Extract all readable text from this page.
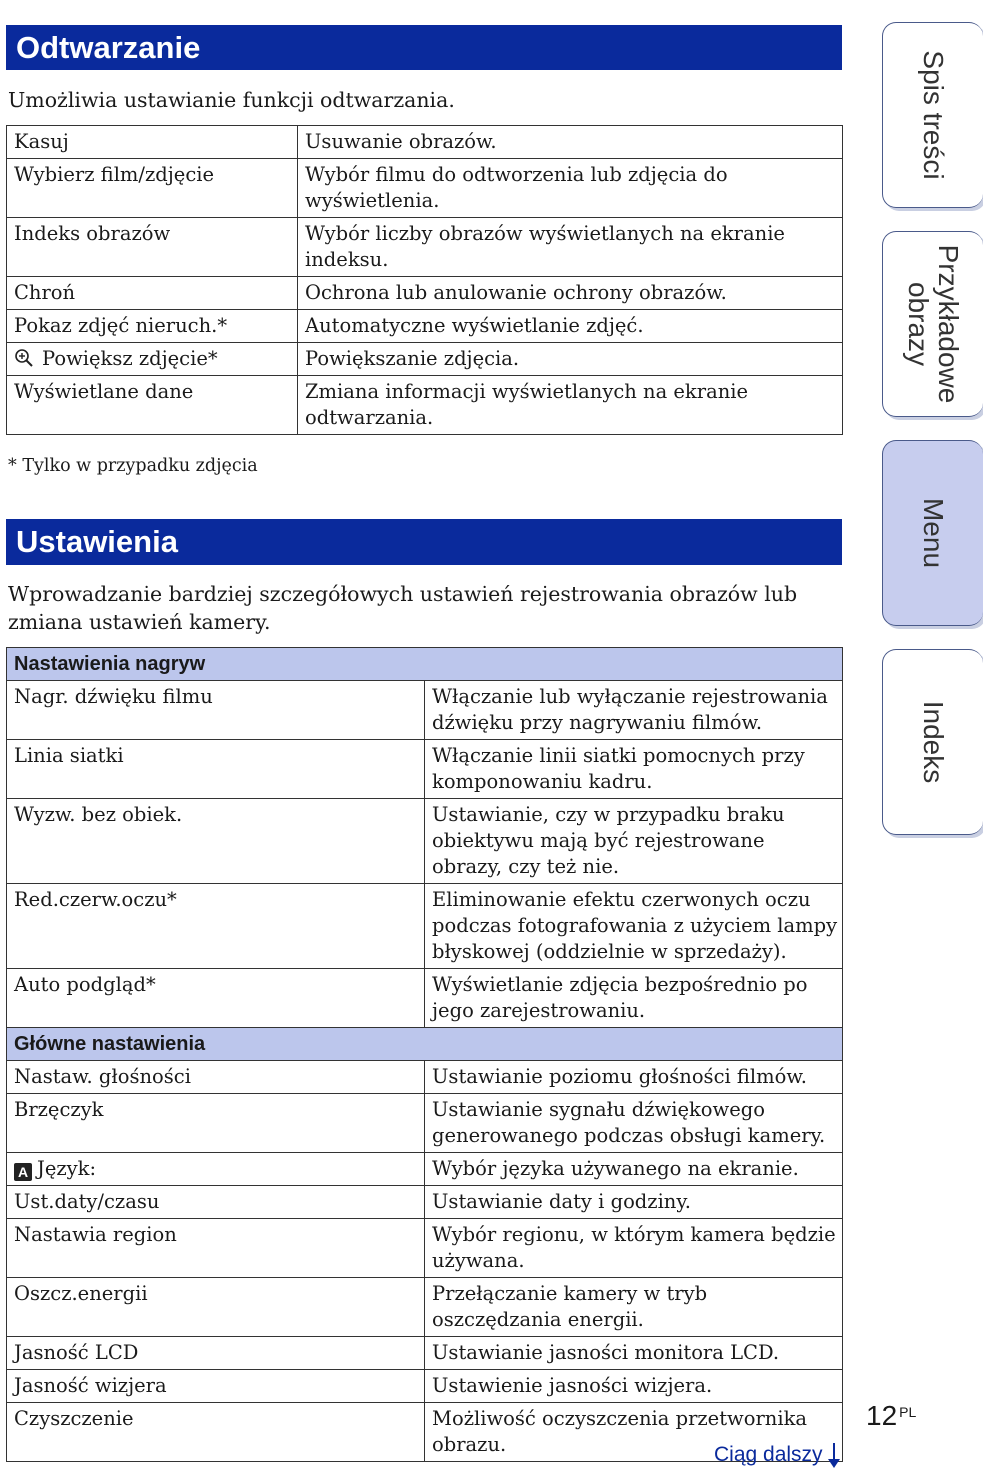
Odtwarzanie

Umożliwia ustawianie funkcji odtwarzania.

Kasuj	Usuwanie obrazów.
Wybierz film/zdjęcie	Wybór filmu do odtworzenia lub zdjęcia do wyświetlenia.
Indeks obrazów	Wybór liczby obrazów wyświetlanych na ekranie indeksu.
Chroń	Ochrona lub anulowanie ochrony obrazów.
Pokaz zdjęć nieruch.*	Automatyczne wyświetlanie zdjęć.
Powiększ zdjęcie*	Powiększanie zdjęcia.
Wyświetlane dane	Zmiana informacji wyświetlanych na ekranie odtwarzania.
* Tylko w przypadku zdjęcia
Ustawienia

Wprowadzanie bardziej szczegółowych ustawień rejestrowania obrazów lub zmiana ustawień kamery.

Nastawienia nagryw	
Nagr. dźwięku filmu	Włączanie lub wyłączanie rejestrowania dźwięku przy nagrywaniu filmów.
Linia siatki	Włączanie linii siatki pomocnych przy komponowaniu kadru.
Wyzw. bez obiek.	Ustawianie, czy w przypadku braku obiektywu mają być rejestrowane obrazy, czy też nie.
Red.czerw.oczu*	Eliminowanie efektu czerwonych oczu podczas fotografowania z użyciem lampy błyskowej (oddzielnie w sprzedaży).
Auto podgląd*	Wyświetlanie zdjęcia bezpośrednio po jego zarejestrowaniu.
Główne nastawienia	
Nastaw. głośności	Ustawianie poziomu głośności filmów.
Brzęczyk	Ustawianie sygnału dźwiękowego generowanego podczas obsługi kamery.
A Język:	Wybór języka używanego na ekranie.
Ust.daty/czasu	Ustawianie daty i godziny.
Nastawia region	Wybór regionu, w którym kamera będzie używana.
Oszcz.energii	Przełączanie kamery w tryb oszczędzania energii.
Jasność LCD	Ustawianie jasności monitora LCD.
Jasność wizjera	Ustawienie jasności wizjera.
Czyszczenie	Możliwość oczyszczenia przetwornika obrazu.
Spis treści
Przykładowe
obrazy
Menu
Indeks
12 $^{PL}$
Ciąg dalszy
